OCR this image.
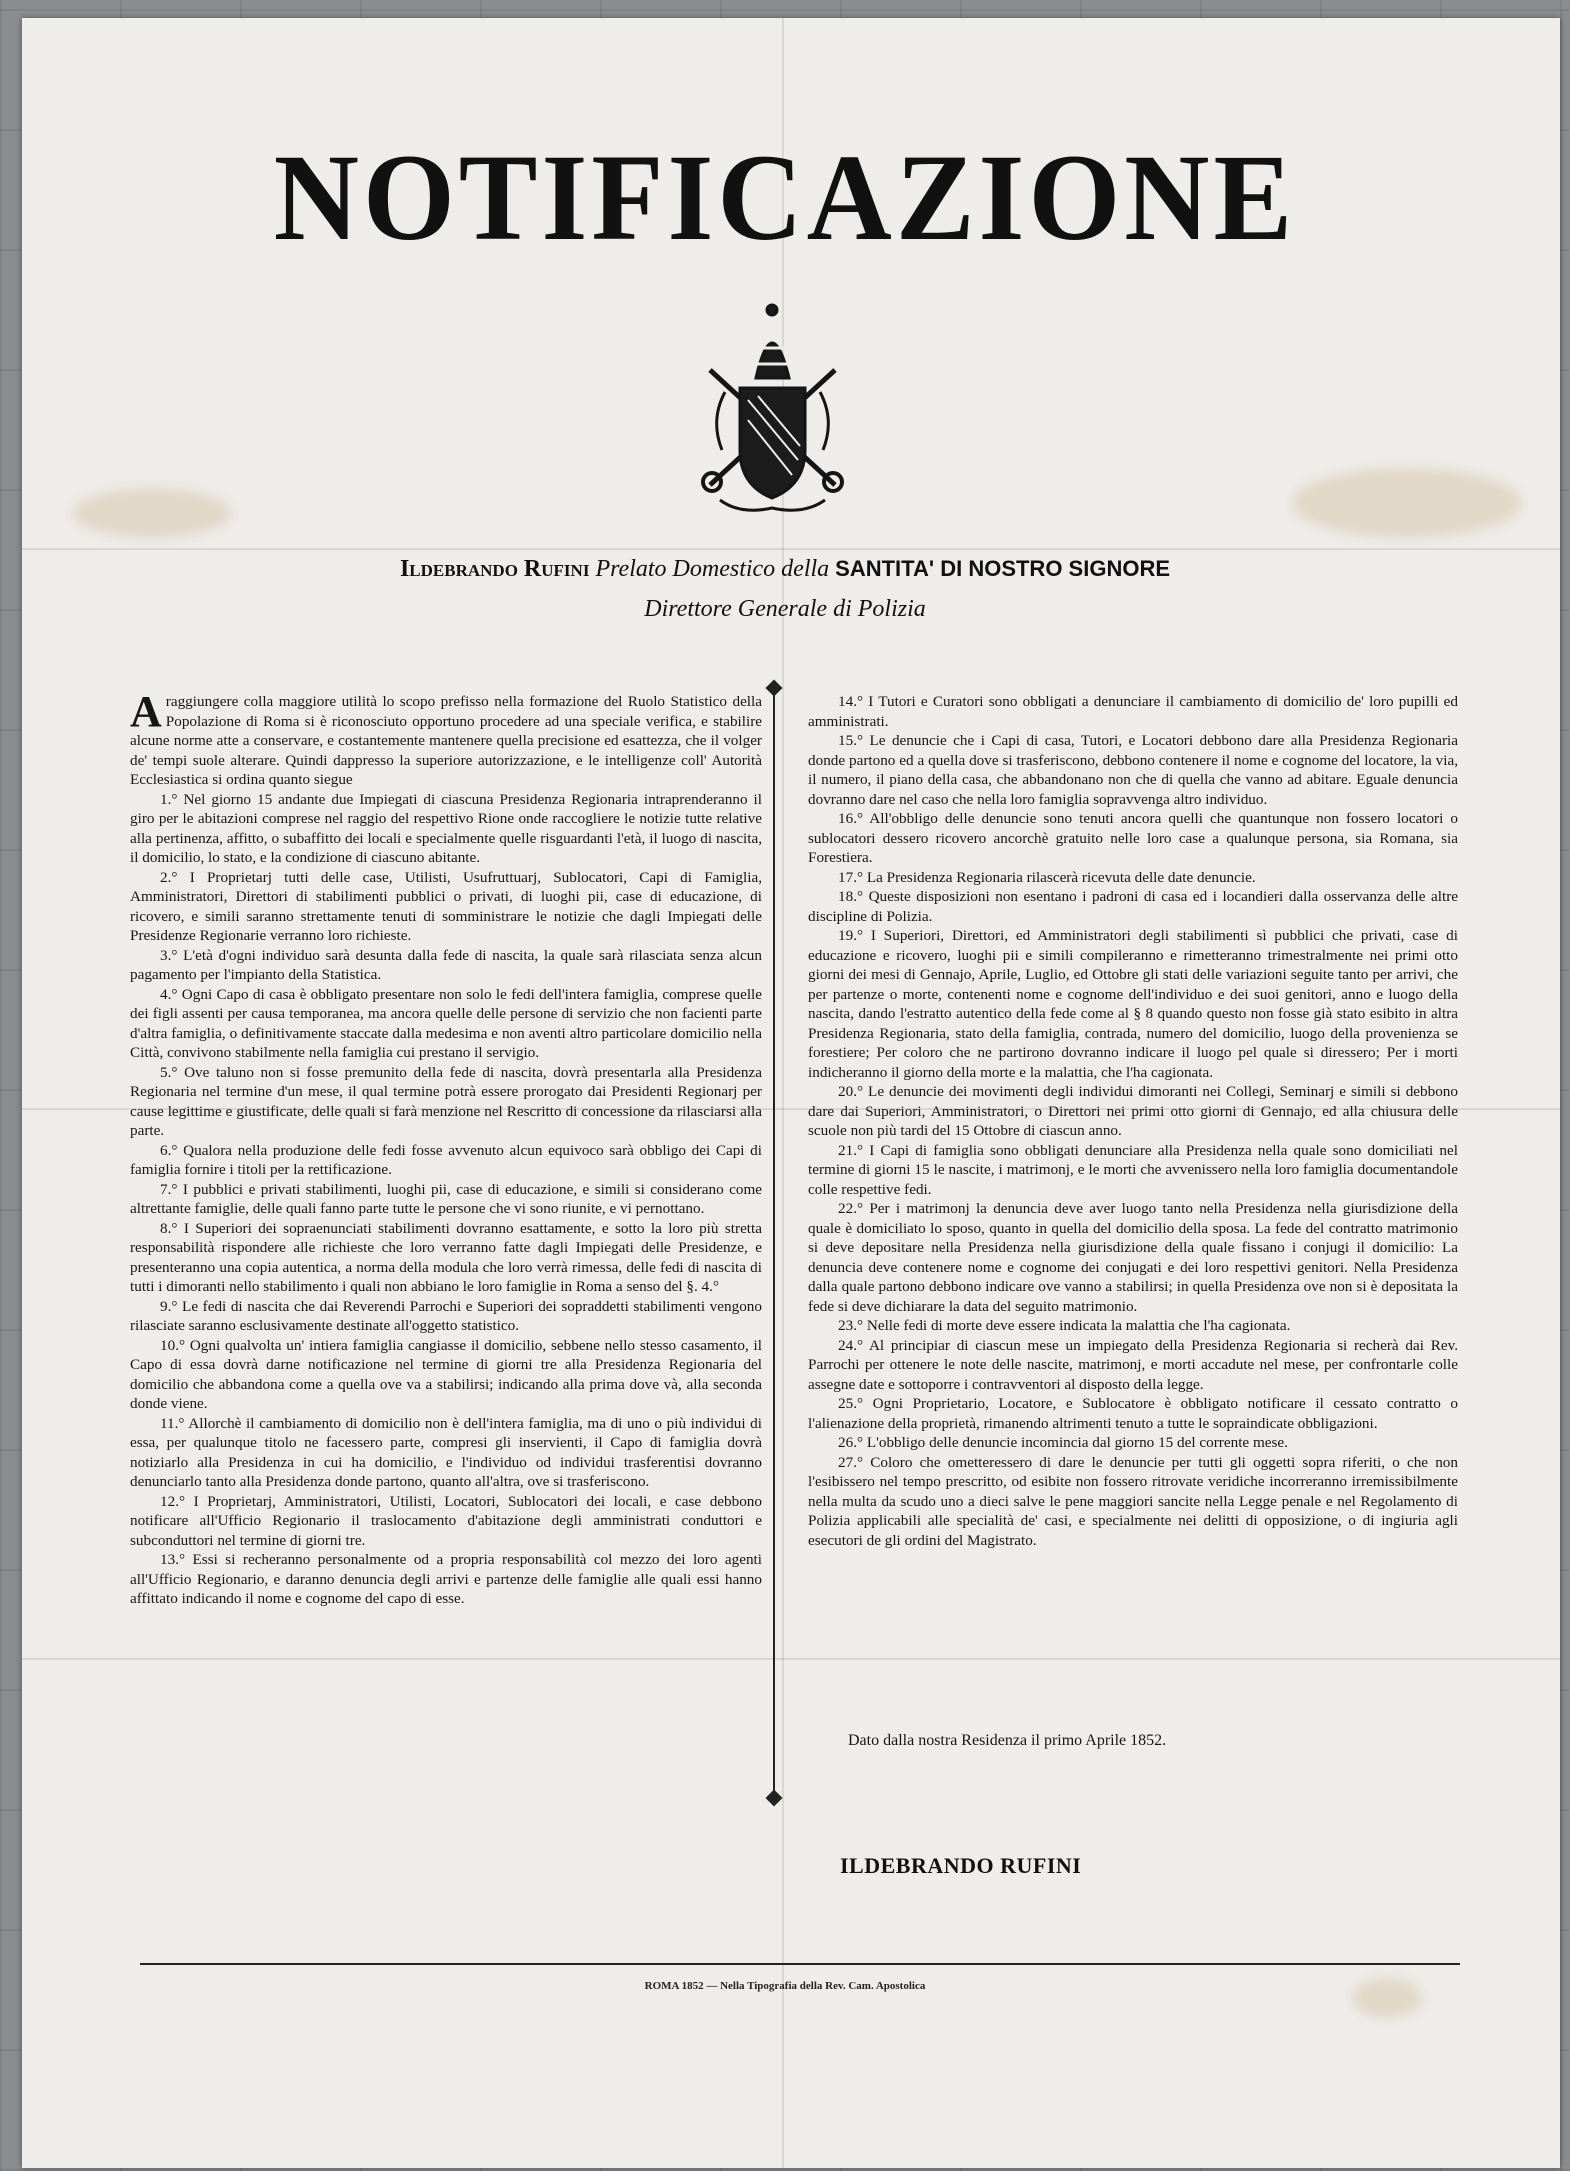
NOTIFICAZIONE
Ildebrando Rufini Prelato Domestico della SANTITA' DI NOSTRO SIGNORE
Direttore Generale di Polizia

Araggiungere colla maggiore utilità lo scopo prefisso nella formazione del Ruolo Statistico della Popolazione di Roma si è riconosciuto opportuno procedere ad una speciale verifica, e stabilire alcune norme atte a conservare, e costantemente mantenere quella precisione ed esattezza, che il volger de' tempi suole alterare. Quindi dappresso la superiore autorizzazione, e le intelligenze coll' Autorità Ecclesiastica si ordina quanto siegue

1.° Nel giorno 15 andante due Impiegati di ciascuna Presidenza Regionaria intraprenderanno il giro per le abitazioni comprese nel raggio del respettivo Rione onde raccogliere le notizie tutte relative alla pertinenza, affitto, o subaffitto dei locali e specialmente quelle risguardanti l'età, il luogo di nascita, il domicilio, lo stato, e la condizione di ciascuno abitante.

2.° I Proprietarj tutti delle case, Utilisti, Usufruttuarj, Sublocatori, Capi di Famiglia, Amministratori, Direttori di stabilimenti pubblici o privati, di luoghi pii, case di educazione, di ricovero, e simili saranno strettamente tenuti di somministrare le notizie che dagli Impiegati delle Presidenze Regionarie verranno loro richieste.

3.° L'età d'ogni individuo sarà desunta dalla fede di nascita, la quale sarà rilasciata senza alcun pagamento per l'impianto della Statistica.

4.° Ogni Capo di casa è obbligato presentare non solo le fedi dell'intera famiglia, comprese quelle dei figli assenti per causa temporanea, ma ancora quelle delle persone di servizio che non facienti parte d'altra famiglia, o definitivamente staccate dalla medesima e non aventi altro particolare domicilio nella Città, convivono stabilmente nella famiglia cui prestano il servigio.

5.° Ove taluno non si fosse premunito della fede di nascita, dovrà presentarla alla Presidenza Regionaria nel termine d'un mese, il qual termine potrà essere prorogato dai Presidenti Regionarj per cause legittime e giustificate, delle quali si farà menzione nel Rescritto di concessione da rilasciarsi alla parte.

6.° Qualora nella produzione delle fedi fosse avvenuto alcun equivoco sarà obbligo dei Capi di famiglia fornire i titoli per la rettificazione.

7.° I pubblici e privati stabilimenti, luoghi pii, case di educazione, e simili si considerano come altrettante famiglie, delle quali fanno parte tutte le persone che vi sono riunite, e vi pernottano.

8.° I Superiori dei sopraenunciati stabilimenti dovranno esattamente, e sotto la loro più stretta responsabilità rispondere alle richieste che loro verranno fatte dagli Impiegati delle Presidenze, e presenteranno una copia autentica, a norma della modula che loro verrà rimessa, delle fedi di nascita di tutti i dimoranti nello stabilimento i quali non abbiano le loro famiglie in Roma a senso del §. 4.°

9.° Le fedi di nascita che dai Reverendi Parrochi e Superiori dei sopraddetti stabilimenti vengono rilasciate saranno esclusivamente destinate all'oggetto statistico.

10.° Ogni qualvolta un' intiera famiglia cangiasse il domicilio, sebbene nello stesso casamento, il Capo di essa dovrà darne notificazione nel termine di giorni tre alla Presidenza Regionaria del domicilio che abbandona come a quella ove va a stabilirsi; indicando alla prima dove và, alla seconda donde viene.

11.° Allorchè il cambiamento di domicilio non è dell'intera famiglia, ma di uno o più individui di essa, per qualunque titolo ne facessero parte, compresi gli inservienti, il Capo di famiglia dovrà notiziarlo alla Presidenza in cui ha domicilio, e l'individuo od individui trasferentisi dovranno denunciarlo tanto alla Presidenza donde partono, quanto all'altra, ove si trasferiscono.

12.° I Proprietarj, Amministratori, Utilisti, Locatori, Sublocatori dei locali, e case debbono notificare all'Ufficio Regionario il traslocamento d'abitazione degli amministrati conduttori e subconduttori nel termine di giorni tre.

13.° Essi si recheranno personalmente od a propria responsabilità col mezzo dei loro agenti all'Ufficio Regionario, e daranno denuncia degli arrivi e partenze delle famiglie alle quali essi hanno affittato indicando il nome e cognome del capo di esse.

14.° I Tutori e Curatori sono obbligati a denunciare il cambiamento di domicilio de' loro pupilli ed amministrati.

15.° Le denuncie che i Capi di casa, Tutori, e Locatori debbono dare alla Presidenza Regionaria donde partono ed a quella dove si trasferiscono, debbono contenere il nome e cognome del locatore, la via, il numero, il piano della casa, che abbandonano non che di quella che vanno ad abitare. Eguale denuncia dovranno dare nel caso che nella loro famiglia sopravvenga altro individuo.

16.° All'obbligo delle denuncie sono tenuti ancora quelli che quantunque non fossero locatori o sublocatori dessero ricovero ancorchè gratuito nelle loro case a qualunque persona, sia Romana, sia Forestiera.

17.° La Presidenza Regionaria rilascerà ricevuta delle date denuncie.

18.° Queste disposizioni non esentano i padroni di casa ed i locandieri dalla osservanza delle altre discipline di Polizia.

19.° I Superiori, Direttori, ed Amministratori degli stabilimenti sì pubblici che privati, case di educazione e ricovero, luoghi pii e simili compileranno e rimetteranno trimestralmente nei primi otto giorni dei mesi di Gennajo, Aprile, Luglio, ed Ottobre gli stati delle variazioni seguite tanto per arrivi, che per partenze o morte, contenenti nome e cognome dell'individuo e dei suoi genitori, anno e luogo della nascita, dando l'estratto autentico della fede come al § 8 quando questo non fosse già stato esibito in altra Presidenza Regionaria, stato della famiglia, contrada, numero del domicilio, luogo della provenienza se forestiere; Per coloro che ne partirono dovranno indicare il luogo pel quale si diressero; Per i morti indicheranno il giorno della morte e la malattia, che l'ha cagionata.

20.° Le denuncie dei movimenti degli individui dimoranti nei Collegi, Seminarj e simili si debbono dare dai Superiori, Amministratori, o Direttori nei primi otto giorni di Gennajo, ed alla chiusura delle scuole non più tardi del 15 Ottobre di ciascun anno.

21.° I Capi di famiglia sono obbligati denunciare alla Presidenza nella quale sono domiciliati nel termine di giorni 15 le nascite, i matrimonj, e le morti che avvenissero nella loro famiglia documentandole colle respettive fedi.

22.° Per i matrimonj la denuncia deve aver luogo tanto nella Presidenza nella giurisdizione della quale è domiciliato lo sposo, quanto in quella del domicilio della sposa. La fede del contratto matrimonio si deve depositare nella Presidenza nella giurisdizione della quale fissano i conjugi il domicilio: La denuncia deve contenere nome e cognome dei conjugati e dei loro respettivi genitori. Nella Presidenza dalla quale partono debbono indicare ove vanno a stabilirsi; in quella Presidenza ove non si è depositata la fede si deve dichiarare la data del seguito matrimonio.

23.° Nelle fedi di morte deve essere indicata la malattia che l'ha cagionata.

24.° Al principiar di ciascun mese un impiegato della Presidenza Regionaria si recherà dai Rev. Parrochi per ottenere le note delle nascite, matrimonj, e morti accadute nel mese, per confrontarle colle assegne date e sottoporre i contravventori al disposto della legge.

25.° Ogni Proprietario, Locatore, e Sublocatore è obbligato notificare il cessato contratto o l'alienazione della proprietà, rimanendo altrimenti tenuto a tutte le sopraindicate obbligazioni.

26.° L'obbligo delle denuncie incomincia dal giorno 15 del corrente mese.

27.° Coloro che ometteressero di dare le denuncie per tutti gli oggetti sopra riferiti, o che non l'esibissero nel tempo prescritto, od esibite non fossero ritrovate veridiche incorreranno irremissibilmente nella multa da scudo uno a dieci salve le pene maggiori sancite nella Legge penale e nel Regolamento di Polizia applicabili alle specialità de' casi, e specialmente nei delitti di opposizione, o di ingiuria agli esecutori de gli ordini del Magistrato.

Dato dalla nostra Residenza il primo Aprile 1852.
ILDEBRANDO RUFINI
ROMA 1852 — Nella Tipografia della Rev. Cam. Apostolica
